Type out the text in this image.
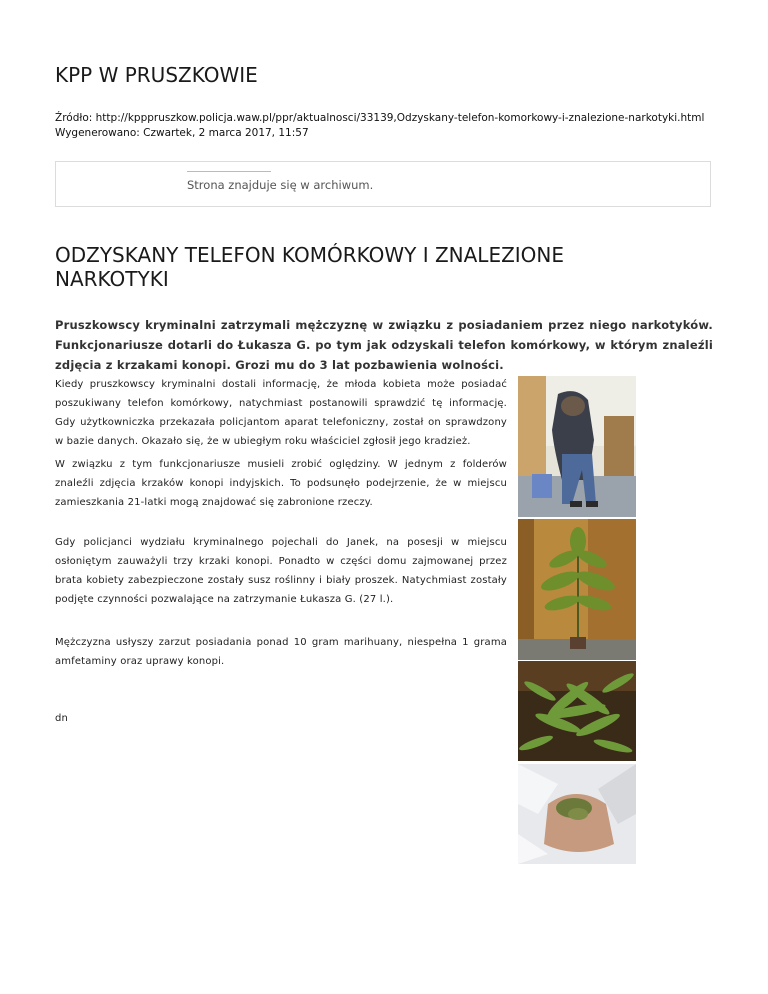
KPP W PRUSZKOWIE
Źródło: http://kpppruszkow.policja.waw.pl/ppr/aktualnosci/33139,Odzyskany-telefon-komorkowy-i-znalezione-narkotyki.html
Wygenerowano: Czwartek, 2 marca 2017, 11:57
Strona znajduje się w archiwum.
ODZYSKANY TELEFON KOMÓRKOWY I ZNALEZIONE NARKOTYKI

Pruszkowscy kryminalni zatrzymali mężczyznę w związku z posiadaniem przez niego narkotyków. Funkcjonariusze dotarli do Łukasza G. po tym jak odzyskali telefon komórkowy, w którym znaleźli zdjęcia z krzakami konopi. Grozi mu do 3 lat pozbawienia wolności.

Kiedy pruszkowscy kryminalni dostali informację, że młoda kobieta może posiadać poszukiwany telefon komórkowy, natychmiast postanowili sprawdzić tę informację. Gdy użytkowniczka przekazała policjantom aparat telefoniczny, został on sprawdzony w bazie danych. Okazało się, że w ubiegłym roku właściciel zgłosił jego kradzież.

W związku z tym funkcjonariusze musieli zrobić oględziny. W jednym z folderów znaleźli zdjęcia krzaków konopi indyjskich. To podsunęło podejrzenie, że w miejscu zamieszkania 21-latki mogą znajdować się zabronione rzeczy.

Gdy policjanci wydziału kryminalnego pojechali do Janek, na posesji w miejscu osłoniętym zauważyli trzy krzaki konopi. Ponadto w części domu zajmowanej przez brata kobiety zabezpieczone zostały susz roślinny i biały proszek. Natychmiast zostały podjęte czynności pozwalające na zatrzymanie Łukasza G. (27 l.).

Mężczyzna usłyszy zarzut posiadania ponad 10 gram marihuany, niespełna 1 grama amfetaminy oraz uprawy konopi.

dn
